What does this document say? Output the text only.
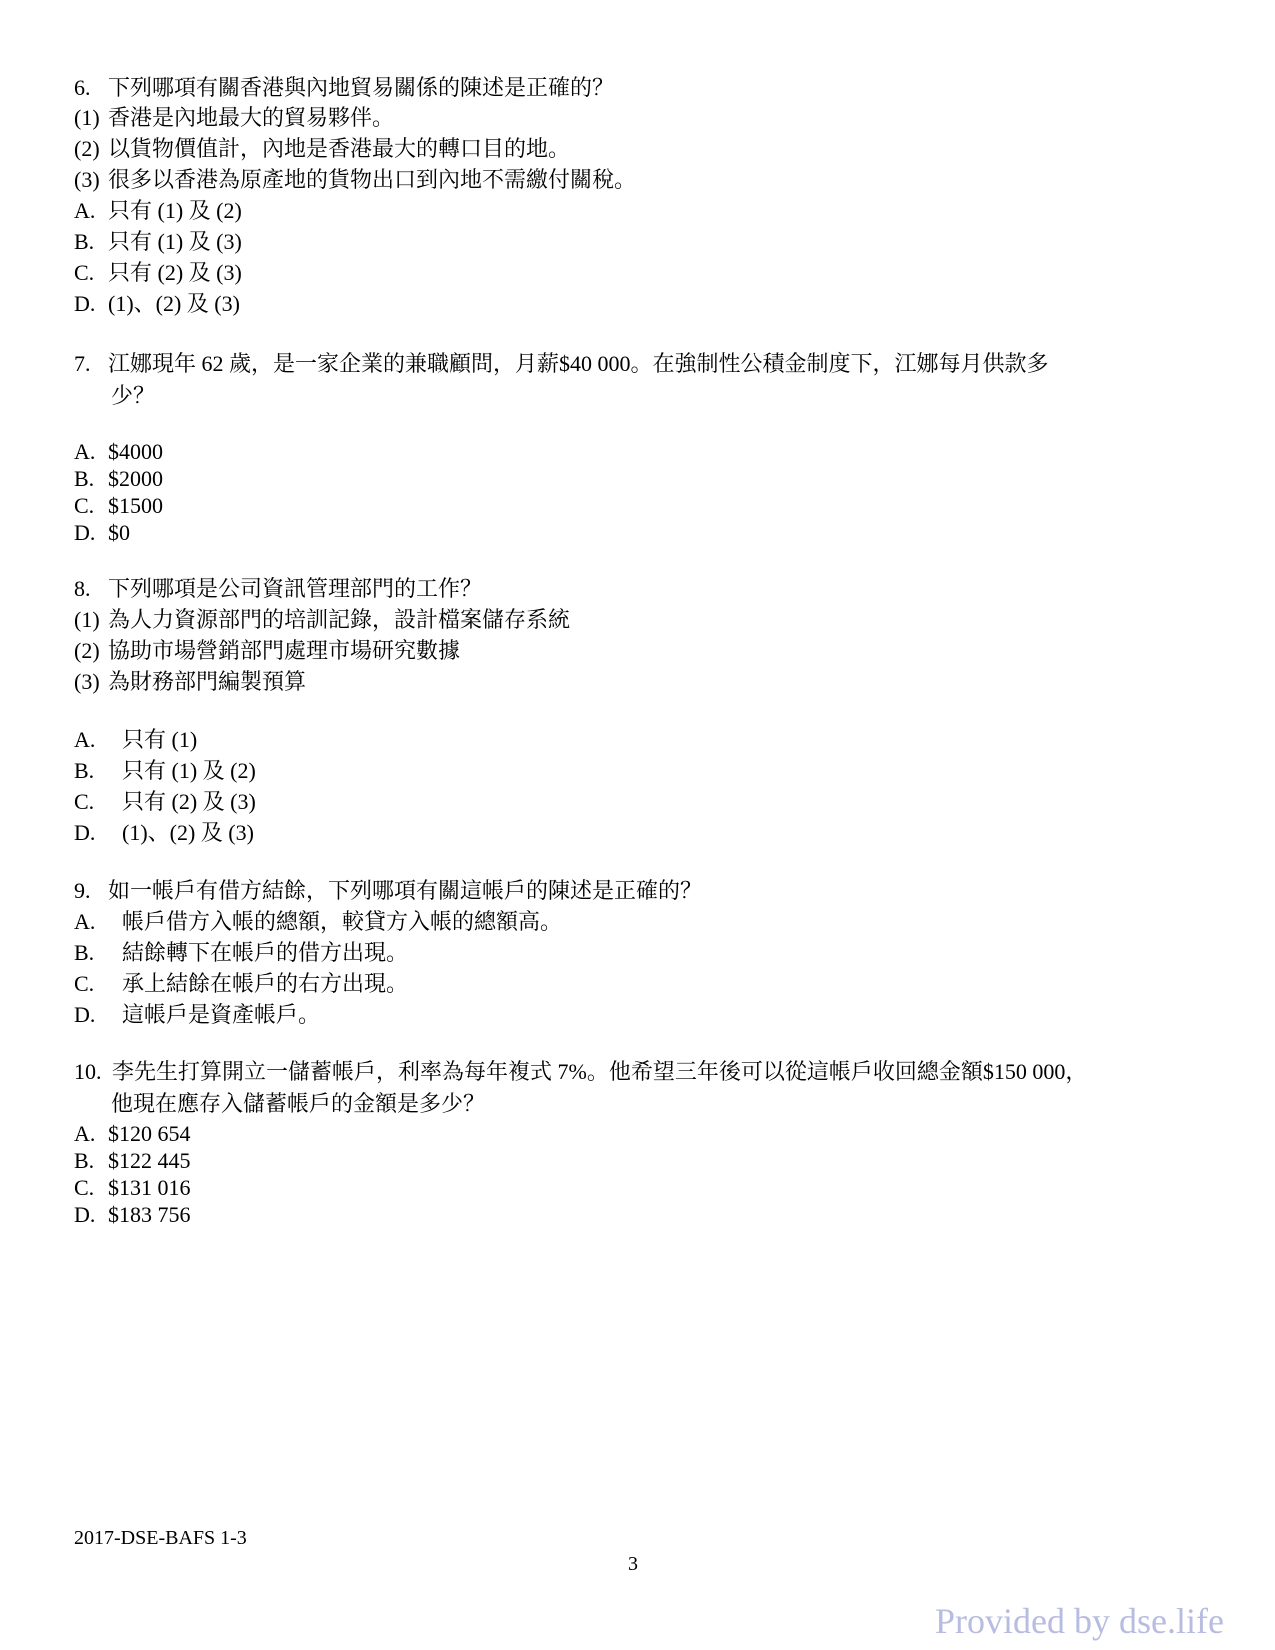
6. 下列哪項有關香港與內地貿易關係的陳述是正確的？
(1) 香港是內地最大的貿易夥伴。
(2) 以貨物價值計，內地是香港最大的轉口目的地。
(3) 很多以香港為原產地的貨物出口到內地不需繳付關稅。
A. 只有 (1) 及 (2)
B. 只有 (1) 及 (3)
C. 只有 (2) 及 (3)
D. (1)、(2) 及 (3)
7. 江娜現年 62 歲，是一家企業的兼職顧問，月薪$40 000。在強制性公積金制度下，江娜每月供款多
少？
A. $4000
B. $2000
C. $1500
D. $0
8. 下列哪項是公司資訊管理部門的工作？
(1) 為人力資源部門的培訓記錄，設計檔案儲存系統
(2) 協助市場營銷部門處理市場研究數據
(3) 為財務部門編製預算
A. 只有 (1)
B. 只有 (1) 及 (2)
C. 只有 (2) 及 (3)
D. (1)、(2) 及 (3)
9. 如一帳戶有借方結餘，下列哪項有關這帳戶的陳述是正確的？
A. 帳戶借方入帳的總額，較貸方入帳的總額高。
B. 結餘轉下在帳戶的借方出現。
C. 承上結餘在帳戶的右方出現。
D. 這帳戶是資產帳戶。
10. 李先生打算開立一儲蓄帳戶，利率為每年複式 7%。他希望三年後可以從這帳戶收回總金額$150 000，
他現在應存入儲蓄帳戶的金額是多少？
A. $120 654
B. $122 445
C. $131 016
D. $183 756
2017-DSE-BAFS 1-3
3
Provided by dse.life
